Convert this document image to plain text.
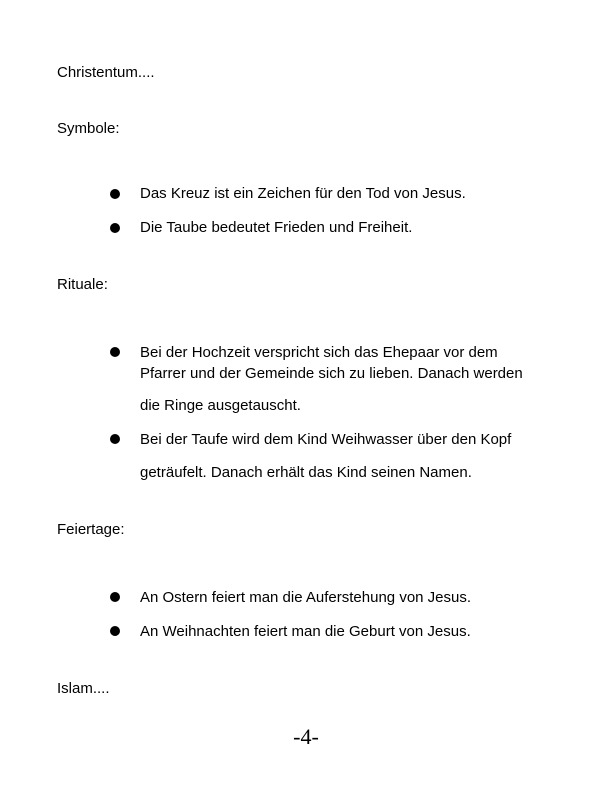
Christentum....
Symbole:
Das Kreuz ist ein Zeichen für den Tod von Jesus.
Die Taube bedeutet Frieden und Freiheit.
Rituale:
Bei der Hochzeit verspricht sich das Ehepaar vor dem
Pfarrer und der Gemeinde sich zu lieben. Danach werden
die Ringe ausgetauscht.
Bei der Taufe wird dem Kind Weihwasser über den Kopf
geträufelt. Danach erhält das Kind seinen Namen.
Feiertage:
An Ostern feiert man die Auferstehung von Jesus.
An Weihnachten feiert man die Geburt von Jesus.
Islam....
-4-
